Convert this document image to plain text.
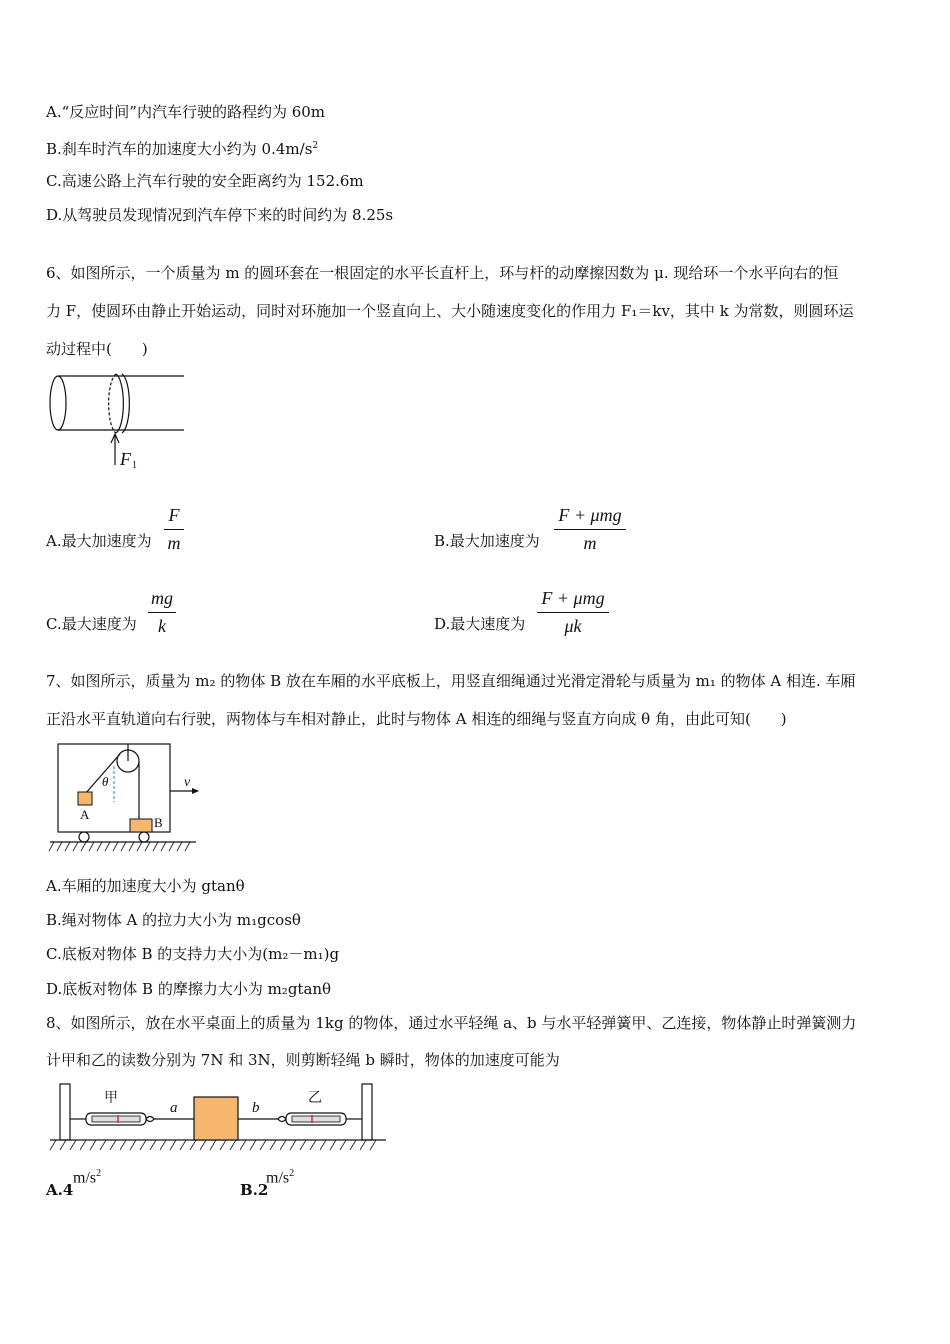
A.“反应时间”内汽车行驶的路程约为 60m
B.刹车时汽车的加速度大小约为 $0.4m/s^2$
C.高速公路上汽车行驶的安全距离约为 152.6m
D.从驾驶员发现情况到汽车停下来的时间约为 8.25s
6、如图所示，一个质量为 m 的圆环套在一根固定的水平长直杆上，环与杆的动摩擦因数为 μ. 现给环一个水平向右的恒
力 F，使圆环由静止开始运动，同时对环施加一个竖直向上、大小随速度变化的作用力 F₁＝kv，其中 k 为常数，则圆环运
动过程中(　　)
F 1
A.最大加速度为
F
m	B.最大加速度为
F + μmg
m
C.最大速度为
mg
k	D.最大速度为
F + μmg
μk
7、如图所示，质量为 m₂ 的物体 B 放在车厢的水平底板上，用竖直细绳通过光滑定滑轮与质量为 m₁ 的物体 A 相连. 车厢
正沿水平直轨道向右行驶，两物体与车相对静止，此时与物体 A 相连的细绳与竖直方向成 θ 角，由此可知(　　)
v
θ
A
B
A.车厢的加速度大小为 gtanθ
B.绳对物体 A 的拉力大小为 m₁gcosθ
C.底板对物体 B 的支持力大小为(m₂－m₁)g
D.底板对物体 B 的摩擦力大小为 m₂gtanθ
8、如图所示，放在水平桌面上的质量为 1kg 的物体，通过水平轻绳 a、b 与水平轻弹簧甲、乙连接，物体静止时弹簧测力
计甲和乙的读数分别为 7N 和 3N，则剪断轻绳 b 瞬时，物体的加速度可能为
甲	乙
a	b
A.4
$m/s^2$
B.2
$m/s^2$
